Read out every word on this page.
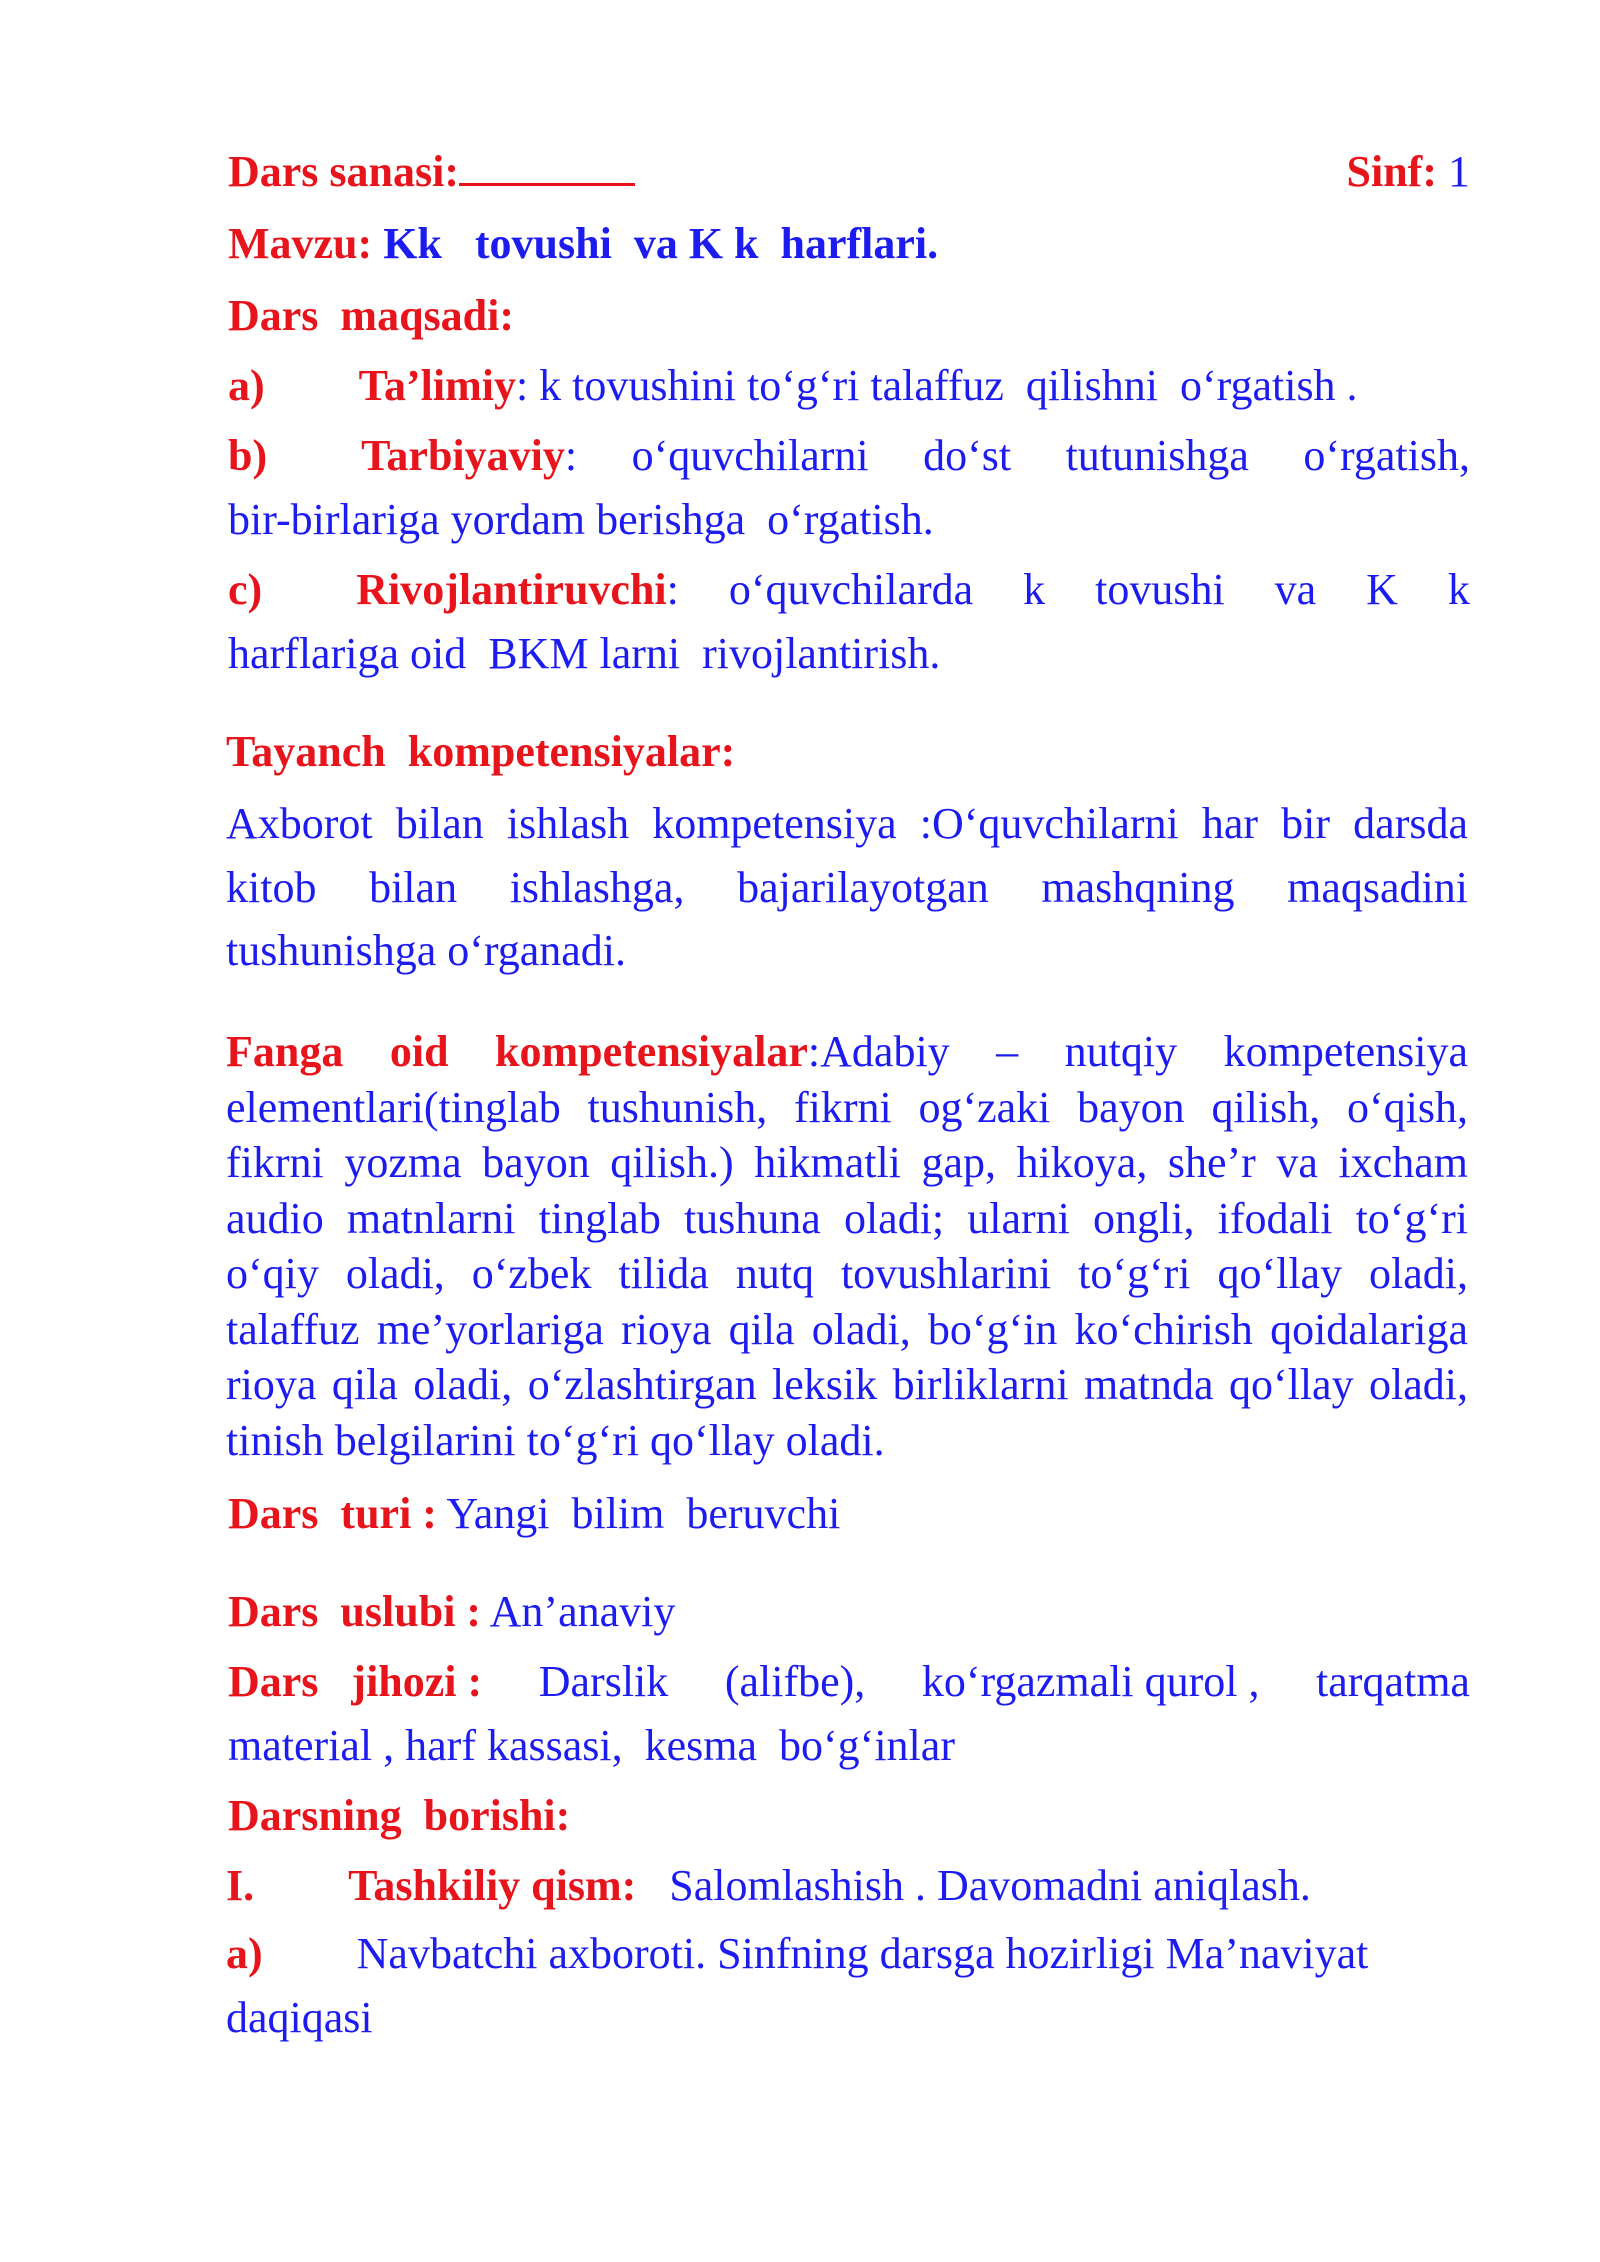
Dars sanasi:	Sinf: 1
Mavzu: Kk   tovushi  va K k  harflari.
Dars  maqsadi:
a) Ta’limiy: k tovushini to‘g‘ri talaffuz  qilishni  o‘rgatish .
b) Tarbiyaviy: o‘quvchilarni do‘st tutunishga o‘rgatish,
bir-birlariga yordam berishga  o‘rgatish.
c) Rivojlantiruvchi: o‘quvchilarda k tovushi va K k
harflariga oid  BKM larni  rivojlantirish.
Tayanch  kompetensiyalar:
Axborot bilan ishlash kompetensiya :O‘quvchilarni har bir darsda kitob bilan ishlashga, bajarilayotgan mashqning maqsadini tushunishga o‘rganadi.
Fanga oid kompetensiyalar:Adabiy – nutqiy kompetensiya elementlari(tinglab tushunish, fikrni og‘zaki bayon qilish, o‘qish, fikrni yozma bayon qilish.) hikmatli gap, hikoya, she’r va ixcham audio matnlarni tinglab tushuna oladi; ularni ongli, ifodali to‘g‘ri o‘qiy oladi, o‘zbek tilida nutq tovushlarini to‘g‘ri qo‘llay oladi, talaffuz me’yorlariga rioya qila oladi, bo‘g‘in ko‘chirish qoidalariga rioya qila oladi, o‘zlashtirgan leksik birliklarni matnda qo‘llay oladi, tinish belgilarini to‘g‘ri qo‘llay oladi.
Dars  turi : Yangi  bilim  beruvchi
Dars  uslubi : An’anaviy
Dars   jihozi : Darslik (alifbe), ko‘rgazmali qurol , tarqatma
material , harf kassasi,  kesma  bo‘g‘inlar
Darsning  borishi:
I. Tashkiliy qism: Salomlashish . Davomadni aniqlash.
a) Navbatchi axboroti. Sinfning darsga hozirligi Ma’naviyat
daqiqasi
